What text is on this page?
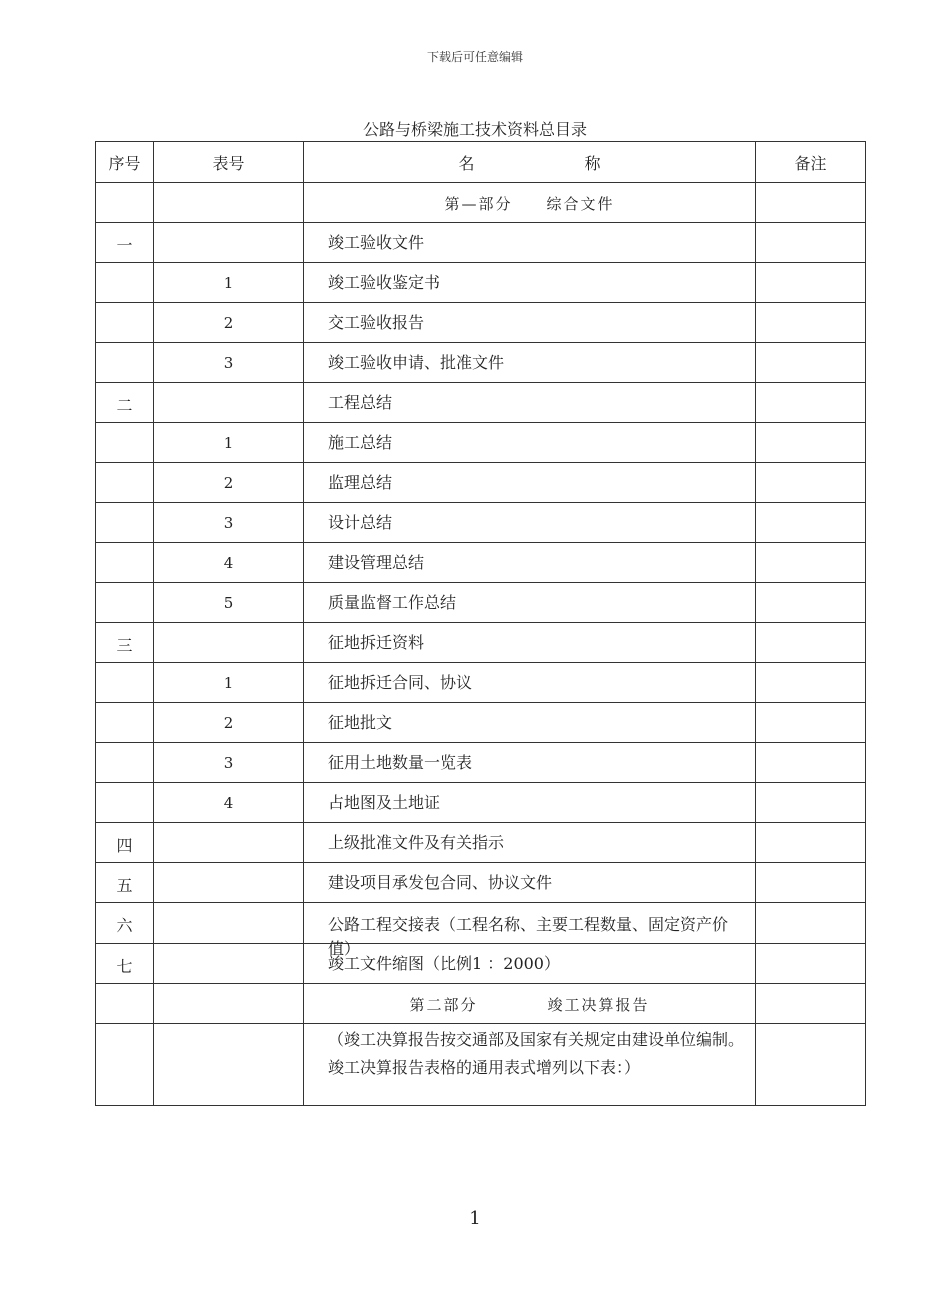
下载后可任意编辑
公路与桥梁施工技术资料总目录
序号	表号	名 称	备注
		第—部分 综合文件	
一		竣工验收文件	
	1	竣工验收鉴定书	
	2	交工验收报告	
	3	竣工验收申请、批准文件	
二		工程总结	
	1	施工总结	
	2	监理总结	
	3	设计总结	
	4	建设管理总结	
	5	质量监督工作总结	
三		征地拆迁资料	
	1	征地拆迁合同、协议	
	2	征地批文	
	3	征用土地数量一览表	
	4	占地图及土地证	
四		上级批准文件及有关指示	
五		建设项目承发包合同、协议文件	
六		公路工程交接表（工程名称、主要工程数量、固定资产价值）	

七		竣工文件缩图（比例1 ：2000）	
		第二部分 竣工决算报告	
		（竣工决算报告按交通部及国家有关规定由建设单位编制。竣工决算报告表格的通用表式增列以下表：）	
1
